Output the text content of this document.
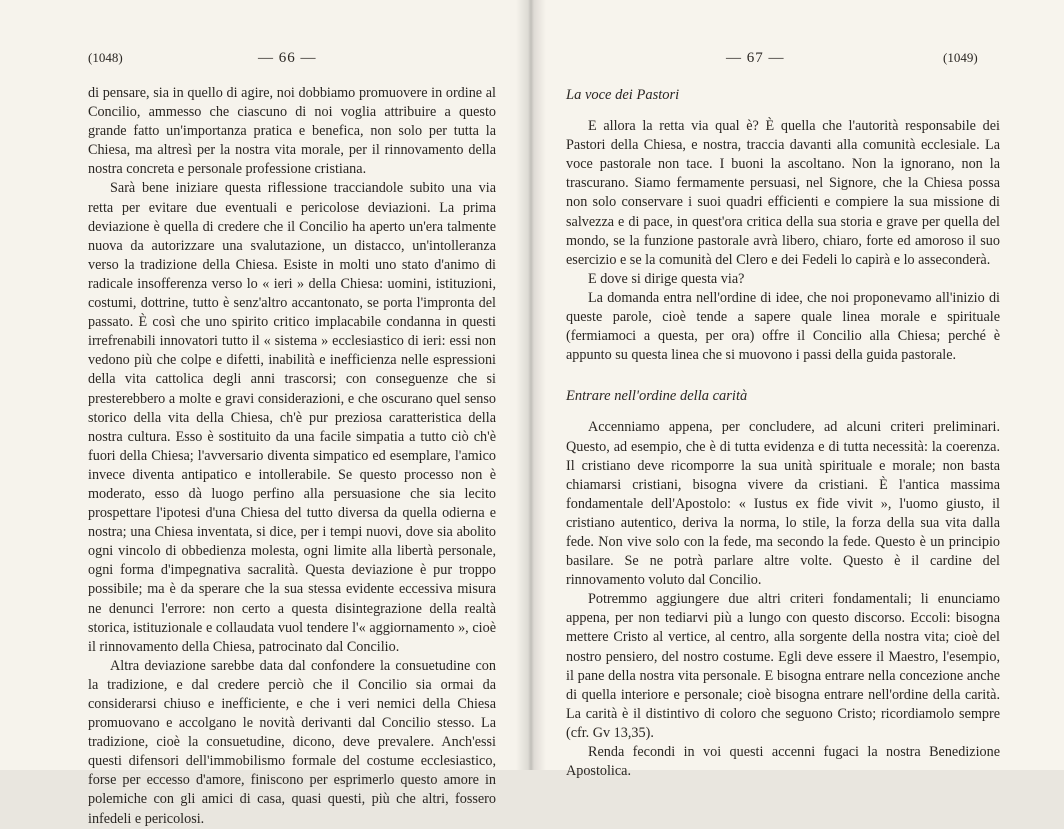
(1048)	— 66 —

di pensare, sia in quello di agire, noi dobbiamo promuovere in ordine al Concilio, ammesso che ciascuno di noi voglia attribuire a questo grande fatto un'importanza pratica e benefica, non solo per tutta la Chiesa, ma altresì per la nostra vita morale, per il rinnovamento della nostra concreta e personale professione cristiana.

Sarà bene iniziare questa riflessione tracciandole subito una via retta per evitare due eventuali e pericolose deviazioni. La prima deviazione è quella di credere che il Concilio ha aperto un'era talmente nuova da autorizzare una svalutazione, un distacco, un'intolleranza verso la tradizione della Chiesa. Esiste in molti uno stato d'animo di radicale insofferenza verso lo « ieri » della Chiesa: uomini, istituzioni, costumi, dottrine, tutto è senz'altro accantonato, se porta l'impronta del passato. È così che uno spirito critico implacabile condanna in questi irrefrenabili innovatori tutto il « sistema » ecclesiastico di ieri: essi non vedono più che colpe e difetti, inabilità e inefficienza nelle espressioni della vita cattolica degli anni trascorsi; con conseguenze che si presterebbero a molte e gravi considerazioni, e che oscurano quel senso storico della vita della Chiesa, ch'è pur preziosa caratteristica della nostra cultura. Esso è sostituito da una facile simpatia a tutto ciò ch'è fuori della Chiesa; l'avversario diventa simpatico ed esemplare, l'amico invece diventa antipatico e intollerabile. Se questo processo non è moderato, esso dà luogo perfino alla persuasione che sia lecito prospettare l'ipotesi d'una Chiesa del tutto diversa da quella odierna e nostra; una Chiesa inventata, si dice, per i tempi nuovi, dove sia abolito ogni vincolo di obbedienza molesta, ogni limite alla libertà personale, ogni forma d'impegnativa sacralità. Questa deviazione è pur troppo possibile; ma è da sperare che la sua stessa evidente eccessiva misura ne denunci l'errore: non certo a questa disintegrazione della realtà storica, istituzionale e collaudata vuol tendere l'« aggiornamento », cioè il rinnovamento della Chiesa, patrocinato dal Concilio.

Altra deviazione sarebbe data dal confondere la consuetudine con la tradizione, e dal credere perciò che il Concilio sia ormai da considerarsi chiuso e inefficiente, e che i veri nemici della Chiesa promuovano e accolgano le novità derivanti dal Concilio stesso. La tradizione, cioè la consuetudine, dicono, deve prevalere. Anch'essi questi difensori dell'immobilismo formale del costume ecclesiastico, forse per eccesso d'amore, finiscono per esprimerlo questo amore in polemiche con gli amici di casa, quasi questi, più che altri, fossero infedeli e pericolosi.

— 67 —	(1049)
La voce dei Pastori

E allora la retta via qual è? È quella che l'autorità responsabile dei Pastori della Chiesa, e nostra, traccia davanti alla comunità ecclesiale. La voce pastorale non tace. I buoni la ascoltano. Non la ignorano, non la trascurano. Siamo fermamente persuasi, nel Signore, che la Chiesa possa non solo conservare i suoi quadri efficienti e compiere la sua missione di salvezza e di pace, in quest'ora critica della sua storia e grave per quella del mondo, se la funzione pastorale avrà libero, chiaro, forte ed amoroso il suo esercizio e se la comunità del Clero e dei Fedeli lo capirà e lo asseconderà.

E dove si dirige questa via?

La domanda entra nell'ordine di idee, che noi proponevamo all'inizio di queste parole, cioè tende a sapere quale linea morale e spirituale (fermiamoci a questa, per ora) offre il Concilio alla Chiesa; perché è appunto su questa linea che si muovono i passi della guida pastorale.

Entrare nell'ordine della carità

Accenniamo appena, per concludere, ad alcuni criteri preliminari. Questo, ad esempio, che è di tutta evidenza e di tutta necessità: la coerenza. Il cristiano deve ricomporre la sua unità spirituale e morale; non basta chiamarsi cristiani, bisogna vivere da cristiani. È l'antica massima fondamentale dell'Apostolo: « Iustus ex fide vivit », l'uomo giusto, il cristiano autentico, deriva la norma, lo stile, la forza della sua vita dalla fede. Non vive solo con la fede, ma secondo la fede. Questo è un principio basilare. Se ne potrà parlare altre volte. Questo è il cardine del rinnovamento voluto dal Concilio.

Potremmo aggiungere due altri criteri fondamentali; li enunciamo appena, per non tediarvi più a lungo con questo discorso. Eccoli: bisogna mettere Cristo al vertice, al centro, alla sorgente della nostra vita; cioè del nostro pensiero, del nostro costume. Egli deve essere il Maestro, l'esempio, il pane della nostra vita personale. E bisogna entrare nella concezione anche di quella interiore e personale; cioè bisogna entrare nell'ordine della carità. La carità è il distintivo di coloro che seguono Cristo; ricordiamolo sempre (cfr. Gv 13,35).

Renda fecondi in voi questi accenni fugaci la nostra Benedizione Apostolica.
